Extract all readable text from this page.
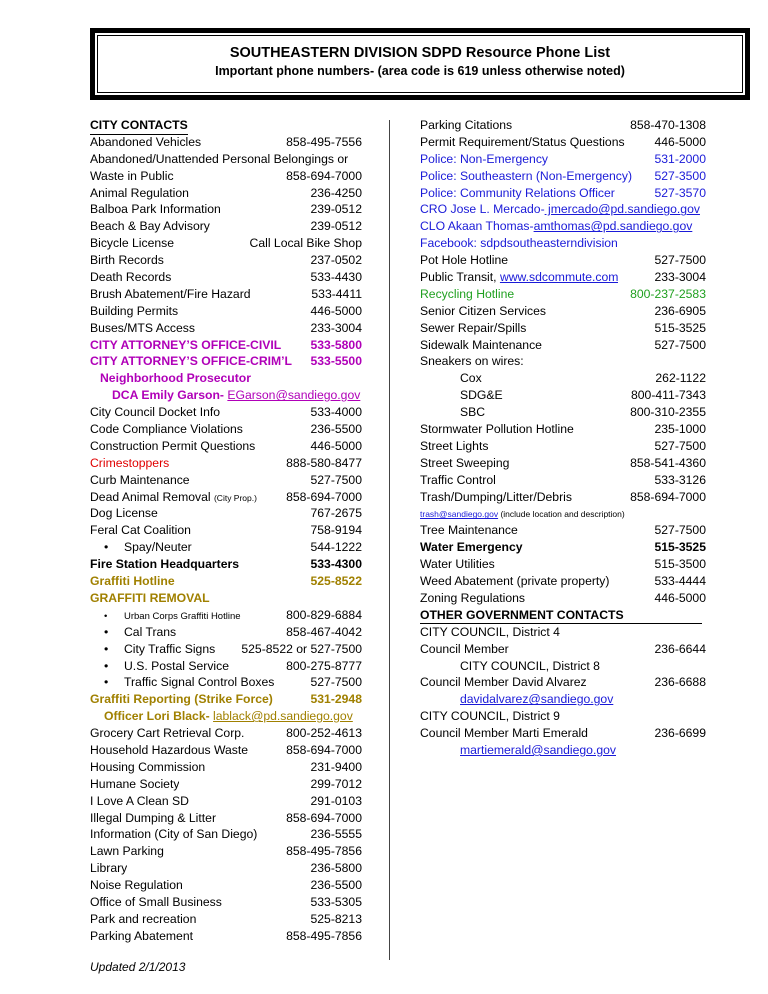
SOUTHEASTERN DIVISION SDPD Resource Phone List
Important phone numbers- (area code is 619 unless otherwise noted)
CITY CONTACTS
Abandoned Vehicles	858-495-7556
Abandoned/Unattended Personal Belongings or
Waste in Public	858-694-7000
Animal Regulation	236-4250
Balboa Park Information	239-0512
Beach & Bay Advisory	239-0512
Bicycle License	Call Local Bike Shop
Birth Records	237-0502
Death Records	533-4430
Brush Abatement/Fire Hazard	533-4411
Building Permits	446-5000
Buses/MTS Access	233-3004
CITY ATTORNEY’S OFFICE-CIVIL 533-5800
CITY ATTORNEY’S OFFICE-CRIM’L 533-5500
Neighborhood Prosecutor
DCA Emily Garson- EGarson@sandiego.gov
City Council Docket Info	533-4000
Code Compliance Violations	236-5500
Construction Permit Questions	446-5000
Crimestoppers	888-580-8477
Curb Maintenance	527-7500
Dead Animal Removal (City Prop.) 858-694-7000
Dog License	767-2675
Feral Cat Coalition	758-9194
• Spay/Neuter	544-1222
Fire Station Headquarters	533-4300
Graffiti Hotline	525-8522
GRAFFITI REMOVAL
• Urban Corps Graffiti Hotline	800-829-6884
• Cal Trans	858-467-4042
• City Traffic Signs 525-8522 or 527-7500
• U.S. Postal Service	800-275-8777
• Traffic Signal Control Boxes	527-7500
Graffiti Reporting (Strike Force)	531-2948
Officer Lori Black- lablack@pd.sandiego.gov
Grocery Cart Retrieval Corp.	800-252-4613
Household Hazardous Waste	858-694-7000
Housing Commission	231-9400
Humane Society	299-7012
I Love A Clean SD	291-0103
Illegal Dumping & Litter	858-694-7000
Information (City of San Diego)	236-5555
Lawn Parking	858-495-7856
Library	236-5800
Noise Regulation	236-5500
Office of Small Business	533-5305
Park and recreation	525-8213
Parking Abatement	858-495-7856
Parking Citations	858-470-1308
Permit Requirement/Status Questions 446-5000
Police: Non-Emergency	531-2000
Police: Southeastern (Non-Emergency) 527-3500
Police: Community Relations Officer	527-3570
CRO Jose L. Mercado- jmercado@pd.sandiego.gov
CLO Akaan Thomas-amthomas@pd.sandiego.gov
Facebook: sdpdsoutheasterndivision
Pot Hole Hotline	527-7500
Public Transit, www.sdcommute.com	233-3004
Recycling Hotline	800-237-2583
Senior Citizen Services	236-6905
Sewer Repair/Spills	515-3525
Sidewalk Maintenance	527-7500
Sneakers on wires:
Cox	262-1122
SDG&E	800-411-7343
SBC	800-310-2355
Stormwater Pollution Hotline	235-1000
Street Lights	527-7500
Street Sweeping	858-541-4360
Traffic Control	533-3126
Trash/Dumping/Litter/Debris	858-694-7000
trash@sandiego.gov (include location and description)
Tree Maintenance	527-7500
Water Emergency	515-3525
Water Utilities	515-3500
Weed Abatement (private property)	533-4444
Zoning Regulations	446-5000
OTHER GOVERNMENT CONTACTS
CITY COUNCIL, District 4
Council Member	236-6644
CITY COUNCIL, District 8
Council Member David Alvarez	236-6688
davidalvarez@sandiego.gov
CITY COUNCIL, District 9
Council Member Marti Emerald	236-6699
martiemerald@sandiego.gov
Updated 2/1/2013
